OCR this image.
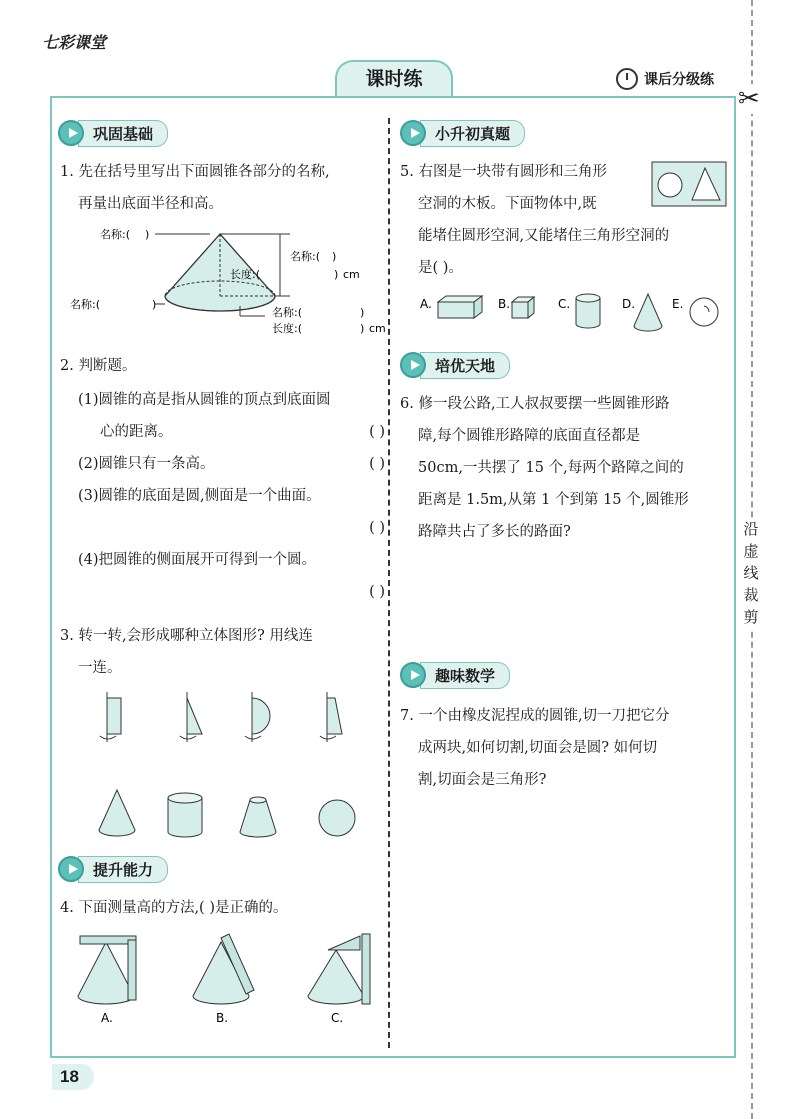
七彩课堂
课时练	课后分级练
✂
沿虚线裁剪
巩固基础
提升能力
小升初真题
培优天地
趣味数学
1. 先在括号里写出下面圆锥各部分的名称,
再量出底面半径和高。
名称:( )
名称:( )
长度:(	) cm
名称:(	)
名称:(	)
长度:(	) cm
2. 判断题。
(1)圆锥的高是指从圆锥的顶点到底面圆
心的距离。	( )
(2)圆锥只有一条高。	( )
(3)圆锥的底面是圆,侧面是一个曲面。
( )
(4)把圆锥的侧面展开可得到一个圆。
( )
3. 转一转,会形成哪种立体图形? 用线连
一连。
4. 下面测量高的方法,( )是正确的。
A.	B.	C.
5. 右图是一块带有圆形和三角形
空洞的木板。下面物体中,既
能堵住圆形空洞,又能堵住三角形空洞的
是( )。
A.	B.	C.	D.	E.
6. 修一段公路,工人叔叔要摆一些圆锥形路
障,每个圆锥形路障的底面直径都是
50cm,一共摆了 15 个,每两个路障之间的
距离是 1.5m,从第 1 个到第 15 个,圆锥形
路障共占了多长的路面?
7. 一个由橡皮泥捏成的圆锥,切一刀把它分
成两块,如何切割,切面会是圆? 如何切
割,切面会是三角形?
18
